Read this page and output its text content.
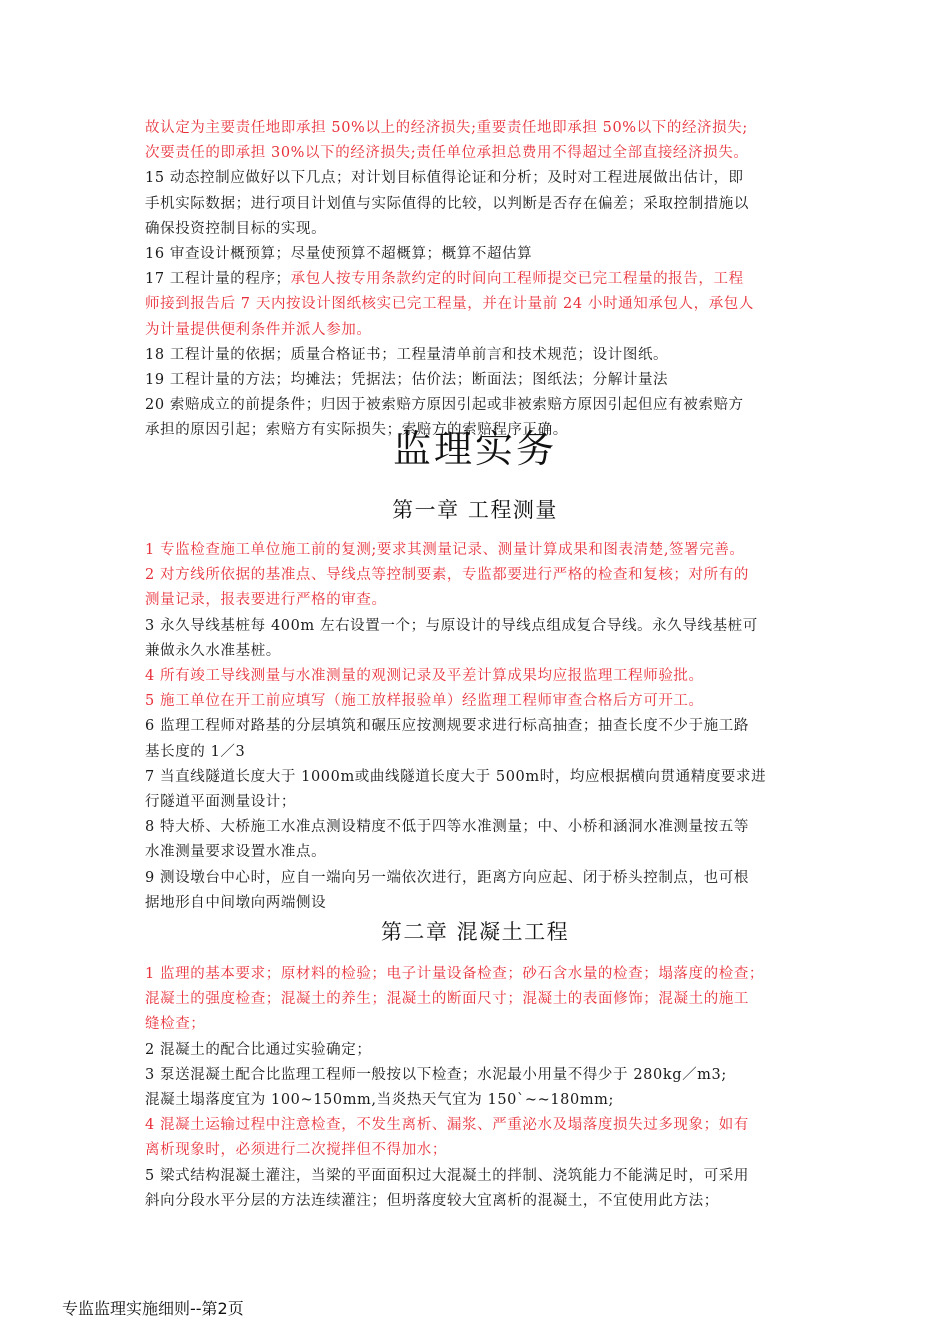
故认定为主要责任地即承担 50%以上的经济损失;重要责任地即承担 50%以下的经济损失;

次要责任的即承担 30%以下的经济损失;责任单位承担总费用不得超过全部直接经济损失。

15 动态控制应做好以下几点；对计划目标值得论证和分析；及时对工程进展做出估计，即

手机实际数据；进行项目计划值与实际值得的比较，以判断是否存在偏差；采取控制措施以

确保投资控制目标的实现。

16 审查设计概预算；尽量使预算不超概算；概算不超估算

17 工程计量的程序；承包人按专用条款约定的时间向工程师提交已完工程量的报告，工程

师接到报告后 7 天内按设计图纸核实已完工程量，并在计量前 24 小时通知承包人，承包人

为计量提供便利条件并派人参加。

18 工程计量的依据；质量合格证书；工程量清单前言和技术规范；设计图纸。

19 工程计量的方法；均摊法；凭据法；估价法；断面法；图纸法；分解计量法

20 索赔成立的前提条件；归因于被索赔方原因引起或非被索赔方原因引起但应有被索赔方

承担的原因引起；索赔方有实际损失；索赔方的索赔程序正确。

监理实务
第一章 工程测量

1 专监检查施工单位施工前的复测;要求其测量记录、测量计算成果和图表清楚,签署完善。

2 对方线所依据的基准点、导线点等控制要素，专监都要进行严格的检查和复核；对所有的

测量记录，报表要进行严格的审查。

3 永久导线基桩每 400m 左右设置一个；与原设计的导线点组成复合导线。永久导线基桩可

兼做永久水准基桩。

4 所有竣工导线测量与水准测量的观测记录及平差计算成果均应报监理工程师验批。

5 施工单位在开工前应填写（施工放样报验单）经监理工程师审查合格后方可开工。

6 监理工程师对路基的分层填筑和碾压应按测规要求进行标高抽查；抽查长度不少于施工路

基长度的 1／3

7 当直线隧道长度大于 1000m或曲线隧道长度大于 500m时，均应根据横向贯通精度要求进

行隧道平面测量设计；

8 特大桥、大桥施工水准点测设精度不低于四等水准测量；中、小桥和涵洞水准测量按五等

水准测量要求设置水准点。

9 测设墩台中心时，应自一端向另一端依次进行，距离方向应起、闭于桥头控制点，也可根

据地形自中间墩向两端侧设

第二章 混凝土工程

1 监理的基本要求；原材料的检验；电子计量设备检查；砂石含水量的检查；塌落度的检查；

混凝土的强度检查；混凝土的养生；混凝土的断面尺寸；混凝土的表面修饰；混凝土的施工

缝检查；

2 混凝土的配合比通过实验确定；

3 泵送混凝土配合比监理工程师一般按以下检查；水泥最小用量不得少于 280kg／m3;

混凝土塌落度宜为 100~150mm,当炎热天气宜为 150`~~180mm;

4 混凝土运输过程中注意检查，不发生离析、漏浆、严重泌水及塌落度损失过多现象；如有

离析现象时，必须进行二次搅拌但不得加水；

5 梁式结构混凝土灌注，当梁的平面面积过大混凝土的拌制、浇筑能力不能满足时，可采用

斜向分段水平分层的方法连续灌注；但坍落度较大宜离析的混凝土，不宜使用此方法；

专监监理实施细则--第2页
